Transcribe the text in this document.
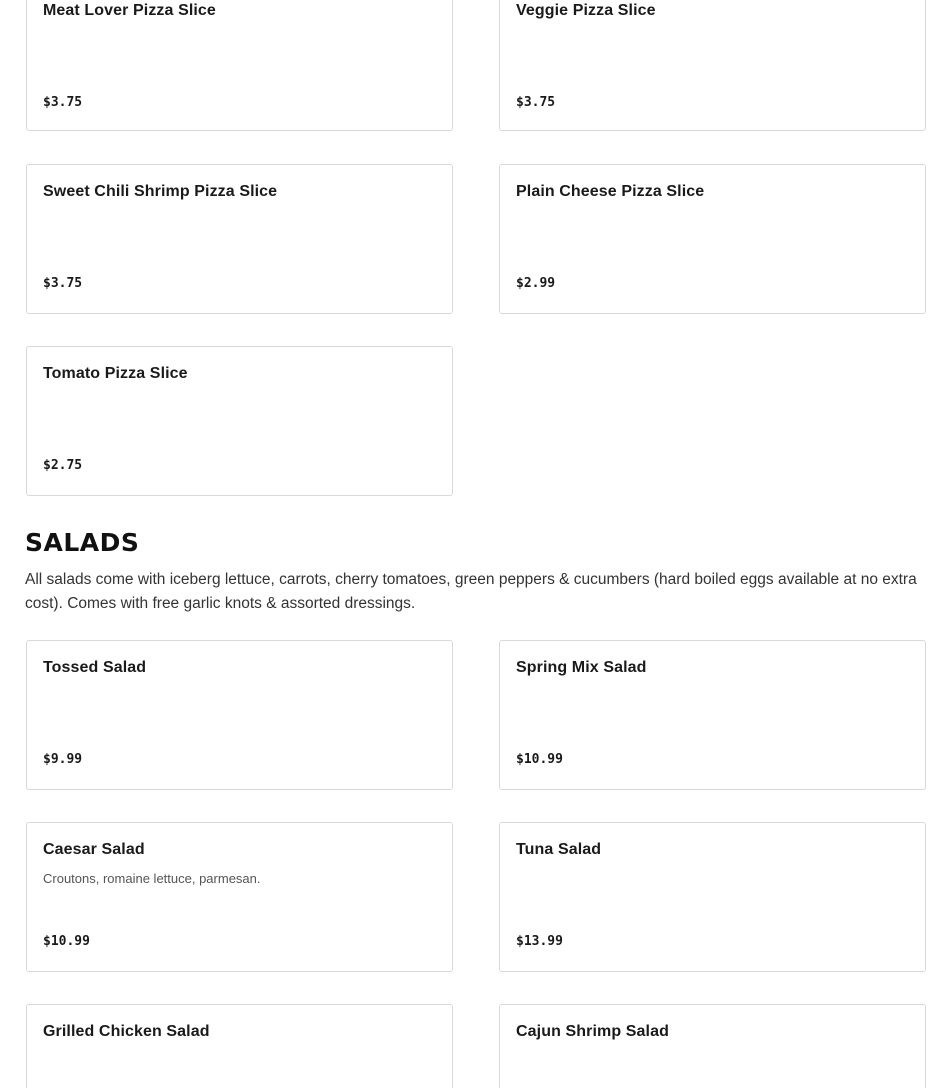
Meat Lover Pizza Slice
$3.75
Veggie Pizza Slice
$3.75
Sweet Chili Shrimp Pizza Slice
$3.75
Plain Cheese Pizza Slice
$2.99
Tomato Pizza Slice
$2.75
SALADS

All salads come with iceberg lettuce, carrots, cherry tomatoes, green peppers & cucumbers (hard boiled eggs available at no extra cost). Comes with free garlic knots & assorted dressings.

Tossed Salad
$9.99
Spring Mix Salad
$10.99
Caesar Salad
Croutons, romaine lettuce, parmesan.
$10.99
Tuna Salad
$13.99
Grilled Chicken Salad	Cajun Shrimp Salad
